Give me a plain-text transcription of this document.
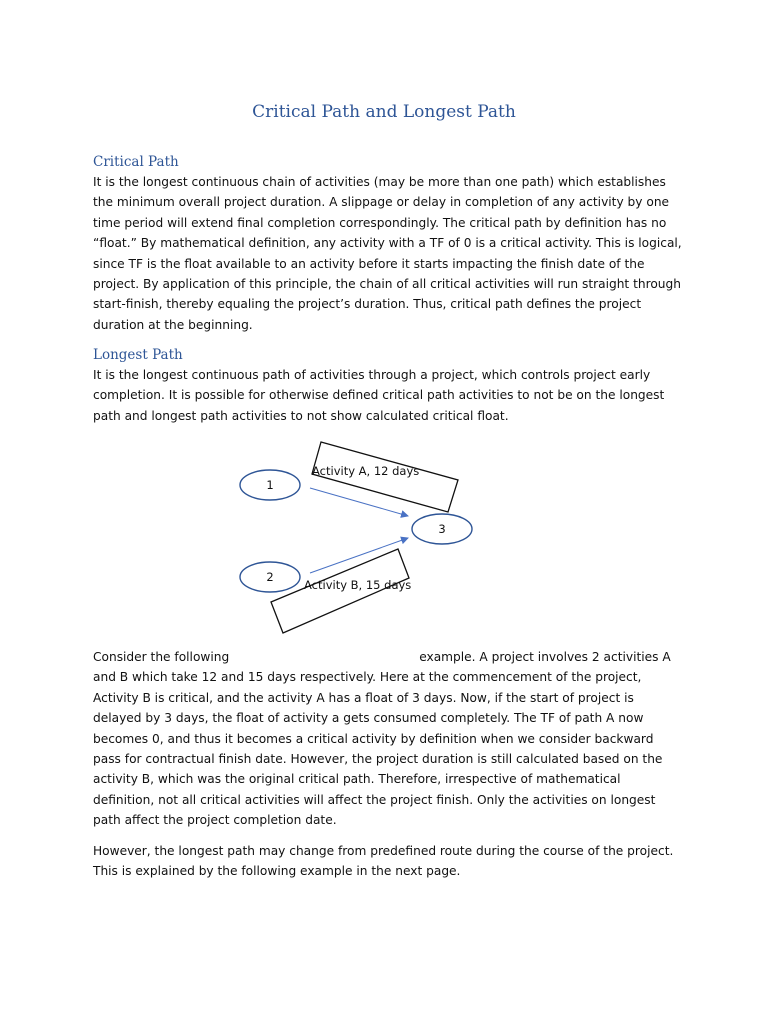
Critical Path and Longest Path
Critical Path

It is the longest continuous chain of activities (may be more than one path) which establishes the minimum overall project duration. A slippage or delay in completion of any activity by one time period will extend final completion correspondingly. The critical path by definition has no “float.” By mathematical definition, any activity with a TF of 0 is a critical activity. This is logical, since TF is the float available to an activity before it starts impacting the finish date of the project. By application of this principle, the chain of all critical activities will run straight through start-finish, thereby equaling the project’s duration. Thus, critical path defines the project duration at the beginning.

Longest Path

It is the longest continuous path of activities through a project, which controls project early completion. It is possible for otherwise defined critical path activities to not be on the longest path and longest path activities to not show calculated critical float.

1
2
3
Activity A, 12 days
Activity B, 15 days

Consider the following	example. A project involves 2 activities A and B which take 12 and 15 days respectively. Here at the commencement of the project, Activity B is critical, and the activity A has a float of 3 days. Now, if the start of project is delayed by 3 days, the float of activity a gets consumed completely. The TF of path A now becomes 0, and thus it becomes a critical activity by definition when we consider backward pass for contractual finish date. However, the project duration is still calculated based on the activity B, which was the original critical path. Therefore, irrespective of mathematical definition, not all critical activities will affect the project finish. Only the activities on longest path affect the project completion date.

However, the longest path may change from predefined route during the course of the project. This is explained by the following example in the next page.
